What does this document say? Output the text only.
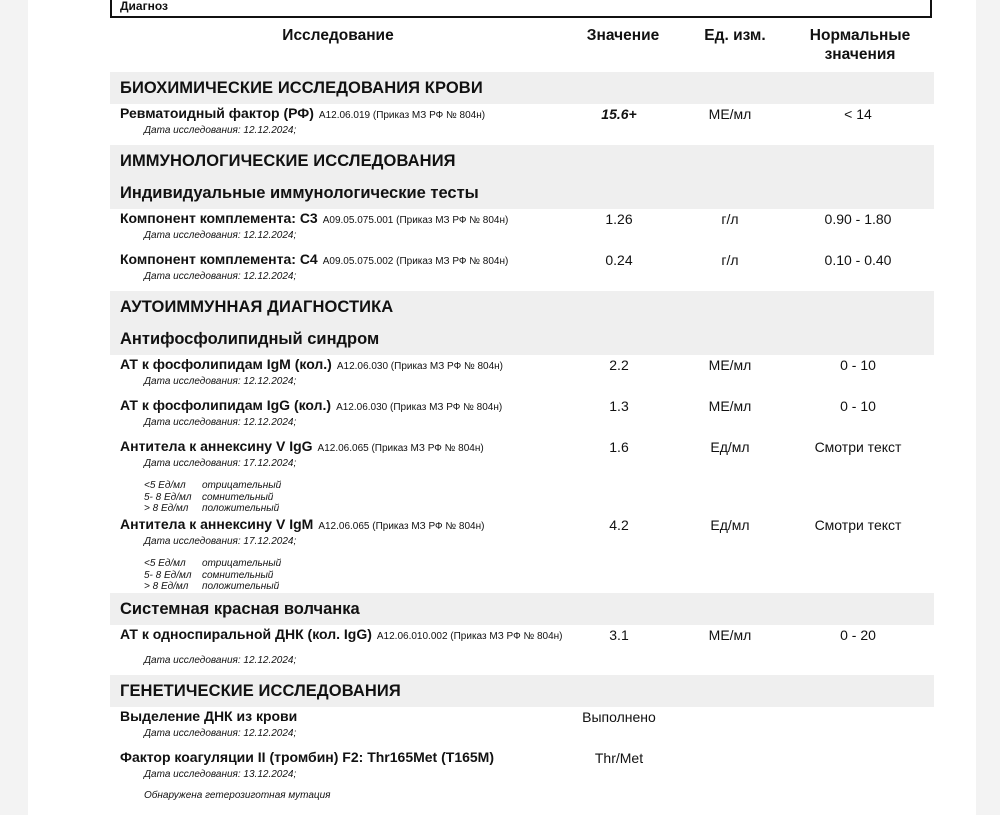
Диагноз
Исследование	Значение	Ед. изм.	Нормальные
значения
БИОХИМИЧЕСКИЕ ИССЛЕДОВАНИЯ КРОВИ
Ревматоидный фактор (РФ) A12.06.019 (Приказ МЗ РФ № 804н)
Дата исследования: 12.12.2024;
15.6+	МЕ/мл	< 14
ИММУНОЛОГИЧЕСКИЕ ИССЛЕДОВАНИЯ
Индивидуальные иммунологические тесты
Компонент комплемента: С3 A09.05.075.001 (Приказ МЗ РФ № 804н)
Дата исследования: 12.12.2024;
1.26	г/л	0.90 - 1.80
Компонент комплемента: С4 A09.05.075.002 (Приказ МЗ РФ № 804н)
Дата исследования: 12.12.2024;
0.24	г/л	0.10 - 0.40
АУТОИММУННАЯ ДИАГНОСТИКА
Антифосфолипидный синдром
АТ к фосфолипидам IgM (кол.) A12.06.030 (Приказ МЗ РФ № 804н)
Дата исследования: 12.12.2024;
2.2	МЕ/мл	0 - 10
АТ к фосфолипидам IgG (кол.) A12.06.030 (Приказ МЗ РФ № 804н)
Дата исследования: 12.12.2024;
1.3	МЕ/мл	0 - 10
Антитела к аннексину V IgG A12.06.065 (Приказ МЗ РФ № 804н)
Дата исследования: 17.12.2024;
1.6	Ед/мл	Смотри текст
<5 Ед/мл отрицательный
5- 8 Ед/мл сомнительный
> 8 Ед/мл положительный
Антитела к аннексину V IgM A12.06.065 (Приказ МЗ РФ № 804н)
Дата исследования: 17.12.2024;
4.2	Ед/мл	Смотри текст
<5 Ед/мл отрицательный
5- 8 Ед/мл сомнительный
> 8 Ед/мл положительный
Системная красная волчанка
АТ к односпиральной ДНК (кол. IgG) A12.06.010.002 (Приказ МЗ РФ № 804н)
Дата исследования: 12.12.2024;
3.1	МЕ/мл	0 - 20
ГЕНЕТИЧЕСКИЕ ИССЛЕДОВАНИЯ
Выделение ДНК из крови
Дата исследования: 12.12.2024;
Выполнено
Фактор коагуляции II (тромбин) F2: Thr165Met (T165M)
Дата исследования: 13.12.2024;
Thr/Met
Обнаружена гетерозиготная мутация
